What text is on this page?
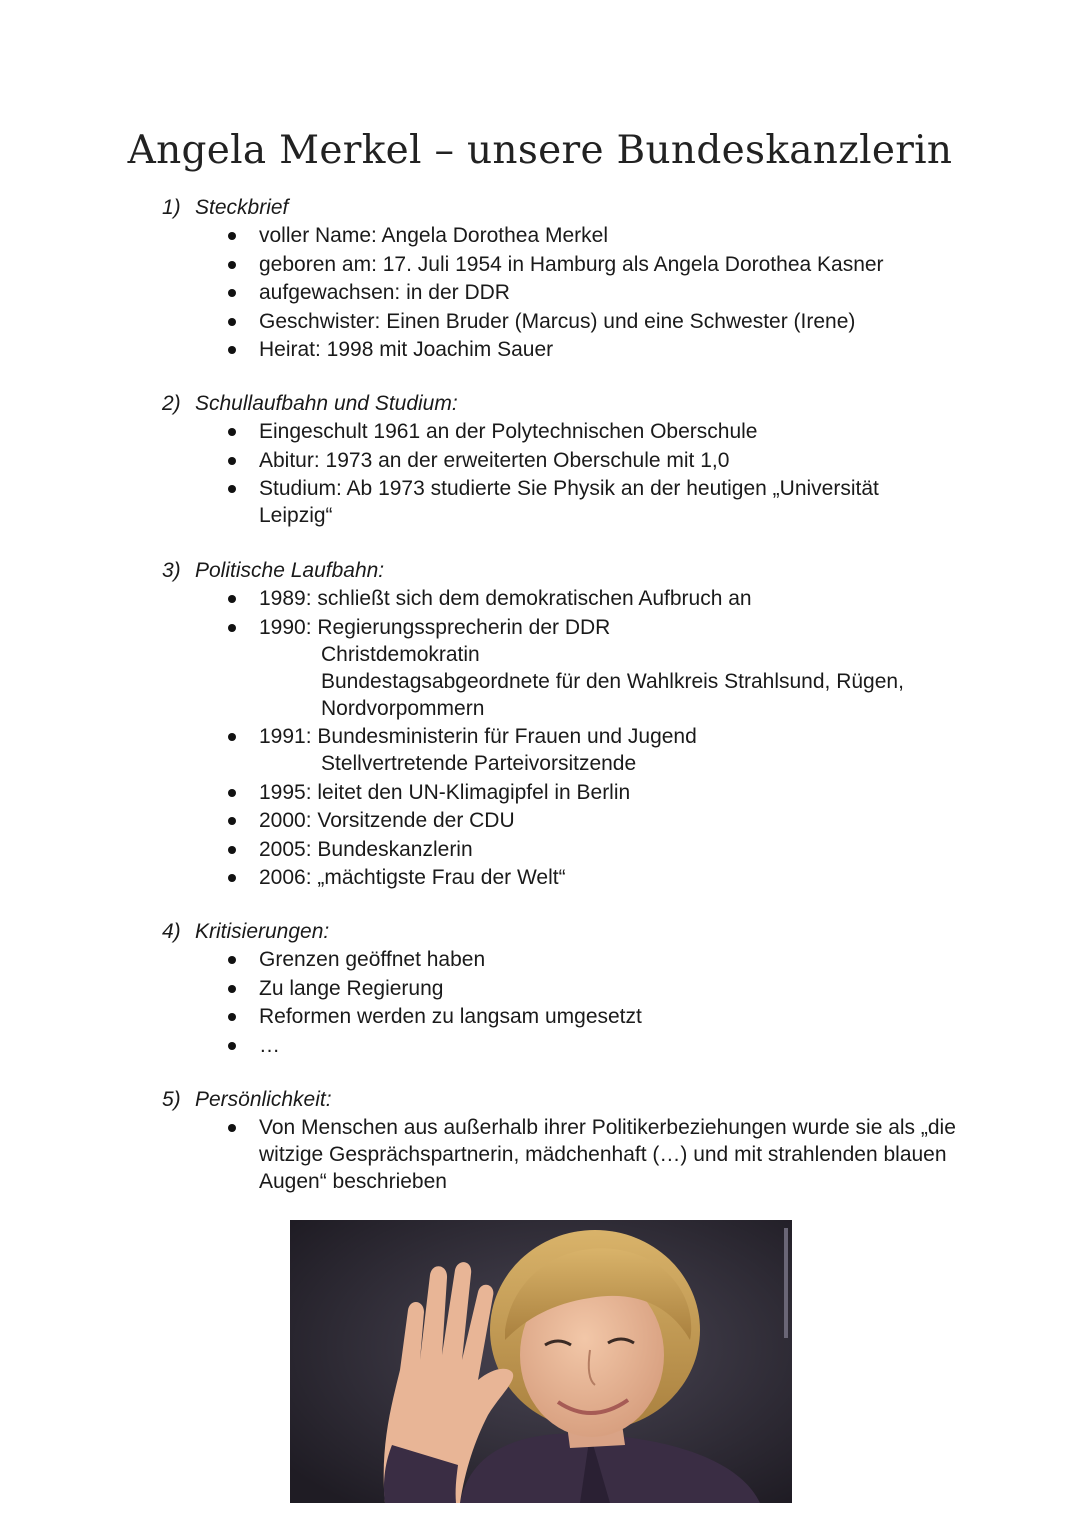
Angela Merkel – unsere Bundeskanzlerin
1) Steckbrief
voller Name: Angela Dorothea Merkel
geboren am: 17. Juli 1954 in Hamburg als Angela Dorothea Kasner
aufgewachsen: in der DDR
Geschwister: Einen Bruder (Marcus) und eine Schwester (Irene)
Heirat: 1998 mit Joachim Sauer
2) Schullaufbahn und Studium:
Eingeschult 1961 an der Polytechnischen Oberschule
Abitur: 1973 an der erweiterten Oberschule mit 1,0
Studium: Ab 1973 studierte Sie Physik an der heutigen „Universität Leipzig“
3) Politische Laufbahn:
1989: schließt sich dem demokratischen Aufbruch an
1990: Regierungssprecherin der DDR
Christdemokratin
Bundestagsabgeordnete für den Wahlkreis Strahlsund, Rügen, Nordvorpommern
1991: Bundesministerin für Frauen und Jugend
Stellvertretende Parteivorsitzende
1995: leitet den UN-Klimagipfel in Berlin
2000: Vorsitzende der CDU
2005: Bundeskanzlerin
2006: „mächtigste Frau der Welt“
4) Kritisierungen:
Grenzen geöffnet haben
Zu lange Regierung
Reformen werden zu langsam umgesetzt
…
5) Persönlichkeit:
Von Menschen aus außerhalb ihrer Politikerbeziehungen wurde sie als „die witzige Gesprächspartnerin, mädchenhaft (…) und mit strahlenden blauen Augen“ beschrieben
